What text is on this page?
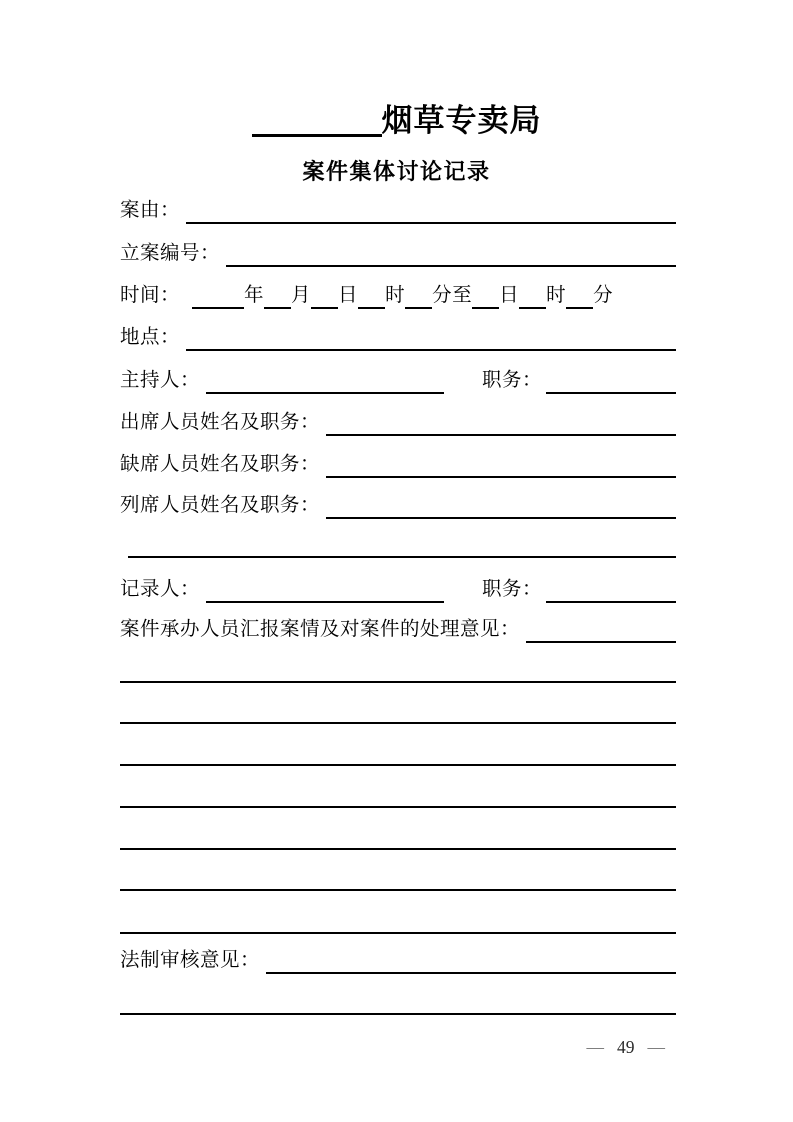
烟草专卖局
案件集体讨论记录
案由：
立案编号：
时间：	年 月 日 时 分至 日 时 分
地点：
主持人：	职务：
出席人员姓名及职务：
缺席人员姓名及职务：
列席人员姓名及职务：
记录人：	职务：
案件承办人员汇报案情及对案件的处理意见：
法制审核意见：
— 49 —
